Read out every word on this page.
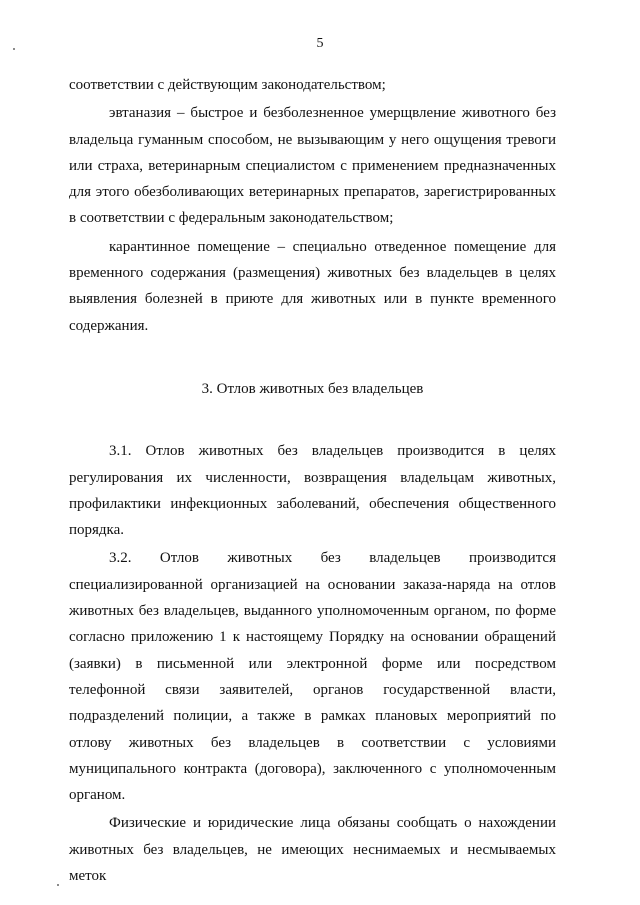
5

соответствии с действующим законодательством;

эвтаназия – быстрое и безболезненное умерщвление животного без владельца гуманным способом, не вызывающим у него ощущения тревоги или страха, ветеринарным специалистом с применением предназначенных для этого обезболивающих ветеринарных препаратов, зарегистрированных в соответствии с федеральным законодательством;

карантинное помещение – специально отведенное помещение для временного содержания (размещения) животных без владельцев в целях выявления болезней в приюте для животных или в пункте временного содержания.

3. Отлов животных без владельцев

3.1. Отлов животных без владельцев производится в целях регулирования их численности, возвращения владельцам животных, профилактики инфекционных заболеваний, обеспечения общественного порядка.

3.2. Отлов животных без владельцев производится специализированной организацией на основании заказа-наряда на отлов животных без владельцев, выданного уполномоченным органом, по форме согласно приложению 1 к настоящему Порядку на основании обращений (заявки) в письменной или электронной форме или посредством телефонной связи заявителей, органов государственной власти, подразделений полиции, а также в рамках плановых мероприятий по отлову животных без владельцев в соответствии с условиями муниципального контракта (договора), заключенного с уполномоченным органом.

Физические и юридические лица обязаны сообщать о нахождении животных без владельцев, не имеющих неснимаемых и несмываемых меток
